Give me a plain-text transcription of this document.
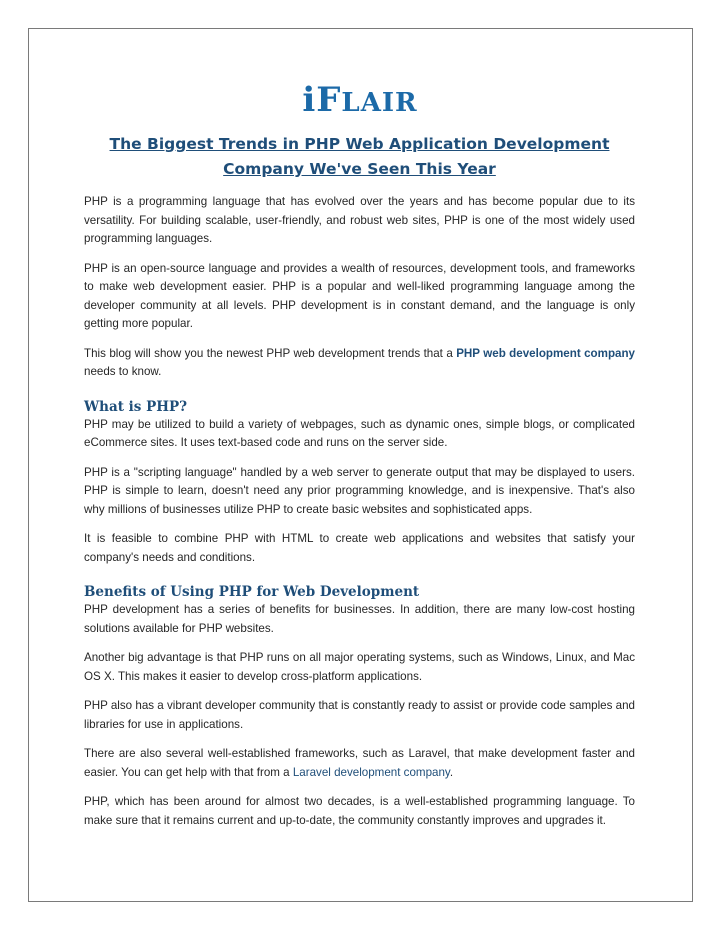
iFLAIR
The Biggest Trends in PHP Web Application Development Company We've Seen This Year

PHP is a programming language that has evolved over the years and has become popular due to its versatility. For building scalable, user-friendly, and robust web sites, PHP is one of the most widely used programming languages.

PHP is an open-source language and provides a wealth of resources, development tools, and frameworks to make web development easier. PHP is a popular and well-liked programming language among the developer community at all levels. PHP development is in constant demand, and the language is only getting more popular.

This blog will show you the newest PHP web development trends that a PHP web development company needs to know.

What is PHP?

PHP may be utilized to build a variety of webpages, such as dynamic ones, simple blogs, or complicated eCommerce sites. It uses text-based code and runs on the server side.

PHP is a "scripting language" handled by a web server to generate output that may be displayed to users. PHP is simple to learn, doesn't need any prior programming knowledge, and is inexpensive. That's also why millions of businesses utilize PHP to create basic websites and sophisticated apps.

It is feasible to combine PHP with HTML to create web applications and websites that satisfy your company's needs and conditions.

Benefits of Using PHP for Web Development

PHP development has a series of benefits for businesses. In addition, there are many low-cost hosting solutions available for PHP websites.

Another big advantage is that PHP runs on all major operating systems, such as Windows, Linux, and Mac OS X. This makes it easier to develop cross-platform applications.

PHP also has a vibrant developer community that is constantly ready to assist or provide code samples and libraries for use in applications.

There are also several well-established frameworks, such as Laravel, that make development faster and easier. You can get help with that from a Laravel development company.

PHP, which has been around for almost two decades, is a well-established programming language. To make sure that it remains current and up-to-date, the community constantly improves and upgrades it.
